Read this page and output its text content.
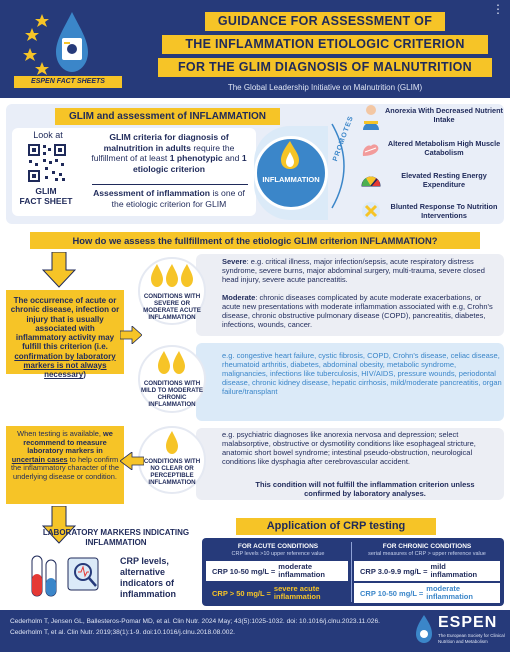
ESPEN FACT SHEETS
GUIDANCE FOR ASSESSMENT OF
THE INFLAMMATION ETIOLOGIC CRITERION
FOR THE GLIM DIAGNOSIS OF MALNUTRITION
The Global Leadership Initiative on Malnutrition (GLIM)
⋮
GLIM and assessment of INFLAMMATION
Look at
GLIM
FACT SHEET
GLIM criteria for diagnosis of malnutrition in adults require the fulfillment of at least 1 phenotypic and 1 etiologic criterion
Assessment of inflammation is one of the etiologic criterion for GLIM
INFLAMMATION
PROMOTES
Anorexia With Decreased Nutrient Intake
Altered Metabolism High Muscle Catabolism
Elevated Resting Energy Expenditure
Blunted Response To Nutrition Interventions
How do we assess the fullfillment of the etiologic GLIM criterion INFLAMMATION?
The occurrence of acute or chronic disease, infection or injury that is usually associated with inflammatory activity may fulfill this criterion (i.e. confirmation by laboratory markers is not always necessary)
CONDITIONS WITH SEVERE OR MODERATE ACUTE INFLAMMATION
Severe: e.g. critical illness, major infection/sepsis, acute respiratory distress syndrome, severe burns, major abdominal surgery, multi-trauma, severe closed head injury, severe acute pancreatitis.
Moderate: chronic diseases complicated by acute moderate exacerbations, or acute new presentations with moderate inflammation associated with e.g, Crohn's disease, chronic obstructive pulmonary disease (COPD), pancreatitis, diabetes, infections, wounds, cancer.
CONDITIONS WITH MILD TO MODERATE CHRONIC INFLAMMATION
e.g. congestive heart failure, cystic fibrosis, COPD, Crohn's disease, celiac disease, rheumatoid arthritis, diabetes, abdominal obesity, metabolic syndrome, malignancies, infections like tuberculosis, HIV/AIDS, pressure wounds, periodontal disease, chronic kidney disease, hepatic cirrhosis, mild/moderate pancreatitis, organ failure/transplant
CONDITIONS WITH NO CLEAR OR PERCEPTIBLE INFLAMMATION
e.g. psychiatric diagnoses like anorexia nervosa and depression; select malabsorptive, obstructive or dysmotility conditions like esophageal stricture, anatomic short bowel syndrome; intestinal pseudo-obstruction, neurological conditions like dysphagia after cerebrovascular accident.
This condition will not fulfill the inflammation criterion unless confirmed by laboratory analyses.
When testing is available, we recommend to measure laboratory markers in uncertain cases to help confirm the inflammatory character of the underlying disease or condition.
LABORATORY MARKERS INDICATING INFLAMMATION
CRP levels, alternative indicators of inflammation
Application of CRP testing
FOR ACUTE CONDITIONS
CRP levels >10 upper reference value
FOR CHRONIC CONDITIONS
serial measures of CRP > upper reference value
CRP 10-50 mg/L = moderate inflammation
CRP > 50 mg/L = severe acute inflammation
CRP 3.0-9.9 mg/L = mild inflammation
CRP 10-50 mg/L = moderate inflammation
Cederholm T, Jensen GL, Ballesteros-Pomar MD, et al. Clin Nutr. 2024 May; 43(5):1025-1032. doi: 10.1016/j.clnu.2023.11.026.
Cederholm T, et al. Clin Nutr. 2019;38(1):1-9. doi:10.1016/j.clnu.2018.08.002.
ESPEN
The European Society for Clinical Nutrition and Metabolism
